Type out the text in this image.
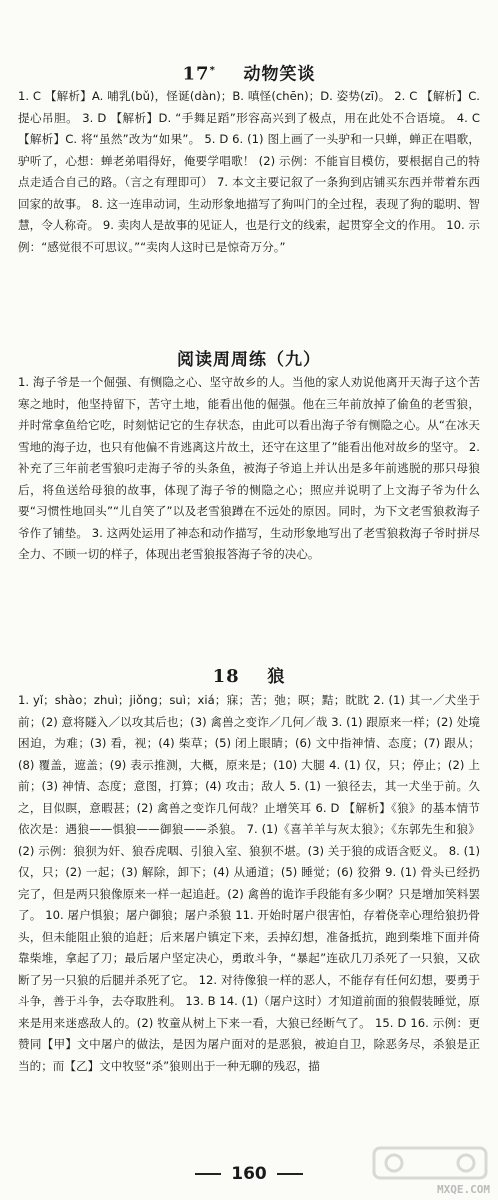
17* 动物笑谈

1. C 【解析】A. 哺乳(bǔ)，怪诞(dàn)；B. 嗔怪(chēn)；D. 姿势(zī)。 2. C 【解析】C. 提心吊胆。 3. D 【解析】D. “手舞足蹈”形容高兴到了极点，用在此处不合语境。 4. C 【解析】C. 将“虽然”改为“如果”。 5. D 6. (1) 图上画了一头驴和一只蝉，蝉正在唱歌，驴听了，心想：蝉老弟唱得好，俺要学唱歌！ (2) 示例：不能盲目模仿，要根据自己的特点走适合自己的路。（言之有理即可） 7. 本文主要记叙了一条狗到店铺买东西并带着东西回家的故事。 8. 这一连串动词，生动形象地描写了狗叫门的全过程，表现了狗的聪明、智慧，令人称奇。 9. 卖肉人是故事的见证人，也是行文的线索，起贯穿全文的作用。 10. 示例：“感觉很不可思议。”“卖肉人这时已是惊奇万分。”

阅读周周练（九）

1. 海子爷是一个倔强、有恻隐之心、坚守故乡的人。当他的家人劝说他离开天海子这个苦寒之地时，他坚持留下，苦守土地，能看出他的倔强。他在三年前放掉了偷鱼的老雪狼，并时常拿鱼给它吃，时刻惦记它的生存状态，由此可以看出海子爷有恻隐之心。从“在冰天雪地的海子边，也只有他偏不肯逃离这片故土，还守在这里了”能看出他对故乡的坚守。 2. 补充了三年前老雪狼叼走海子爷的头条鱼，被海子爷追上并认出是多年前逃脱的那只母狼后，将鱼送给母狼的故事，体现了海子爷的恻隐之心；照应并说明了上文海子爷为什么要“习惯性地回头”“儿自笑了”以及老雪狼蹲在不远处的原因。同时，为下文老雪狼救海子爷作了铺垫。 3. 这两处运用了神态和动作描写，生动形象地写出了老雪狼救海子爷时拼尽全力、不顾一切的样子，体现出老雪狼报答海子爷的决心。

18 狼

1. yǐ；shào；zhuì；jiǒng；suì；xiá；寐；苦；弛；暝；黠；眈眈 2. (1) 其一／犬坐于前；(2) 意将隧入／以攻其后也；(3) 禽兽之变诈／几何／哉 3. (1) 跟原来一样；(2) 处境困迫，为难；(3) 看，视；(4) 柴草；(5) 闭上眼睛；(6) 文中指神情、态度；(7) 跟从；(8) 覆盖，遮盖；(9) 表示推测，大概，原来是；(10) 大腿 4. (1) 仅，只；停止；(2) 上前；(3) 神情、态度；意图，打算；(4) 攻击；敌人 5. (1) 一狼径去，其一犬坐于前。久之，目似瞑，意暇甚；(2) 禽兽之变诈几何哉？止增笑耳 6. D 【解析】《狼》的基本情节依次是：遇狼——惧狼——御狼——杀狼。 7. (1)《喜羊羊与灰太狼》；《东郭先生和狼》 (2) 示例：狼狈为奸、狼吞虎咽、引狼入室、狼狈不堪。(3) 关于狼的成语含贬义。 8. (1) 仅，只；(2) 一起；(3) 解除，卸下；(4) 从通道；(5) 睡觉；(6) 狡猾 9. (1) 骨头已经扔完了，但是两只狼像原来一样一起追赶。(2) 禽兽的诡诈手段能有多少啊？只是增加笑料罢了。 10. 屠户惧狼；屠户御狼；屠户杀狼 11. 开始时屠户很害怕，存着侥幸心理给狼扔骨头，但未能阻止狼的追赶；后来屠户镇定下来，丢掉幻想，准备抵抗，跑到柴堆下面并倚靠柴堆，拿起了刀；最后屠户坚定决心，勇敢斗争，“暴起”连砍几刀杀死了一只狼，又砍断了另一只狼的后腿并杀死了它。 12. 对待像狼一样的恶人，不能存有任何幻想，要勇于斗争，善于斗争，去夺取胜利。 13. B 14. (1)（屠户这时）才知道前面的狼假装睡觉，原来是用来迷惑敌人的。(2) 牧童从树上下来一看，大狼已经断气了。 15. D 16. 示例：更赞同【甲】文中屠户的做法，是因为屠户面对的是恶狼，被迫自卫，除恶务尽，杀狼是正当的；而【乙】文中牧竖“杀”狼则出于一种无聊的残忍，描

160
MXQE.COM
